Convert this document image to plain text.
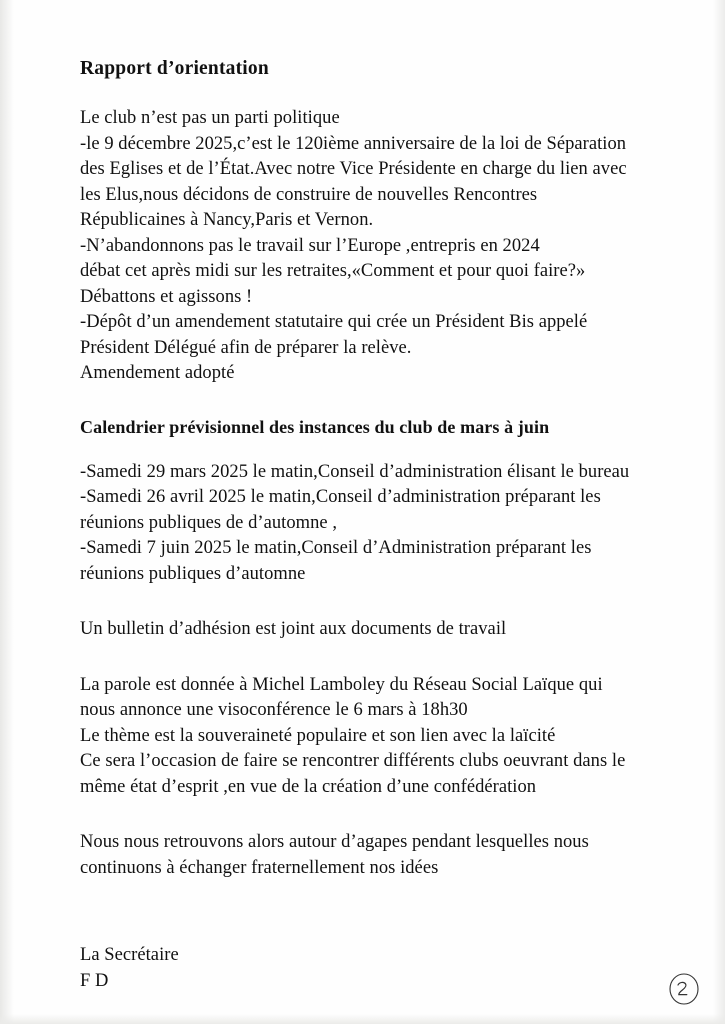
Rapport d’orientation

Le club n’est pas un parti politique

-le 9 décembre 2025,c’est le 120ième anniversaire de la loi de Séparation

des Eglises et de l’État.Avec notre Vice Présidente en charge du lien avec

les Elus,nous décidons de construire de nouvelles Rencontres

Républicaines à Nancy,Paris et Vernon.

-N’abandonnons pas le travail sur l’Europe ,entrepris en 2024

débat cet après midi sur les retraites,«Comment et pour quoi faire?»

Débattons et agissons !

-Dépôt d’un amendement statutaire qui crée un Président Bis appelé

Président Délégué afin de préparer la relève.

Amendement adopté

Calendrier prévisionnel des instances du club de mars à juin

-Samedi 29 mars 2025 le matin,Conseil d’administration élisant le bureau

-Samedi 26 avril 2025 le matin,Conseil d’administration préparant les

réunions publiques de d’automne ,

-Samedi 7 juin 2025 le matin,Conseil d’Administration préparant les

réunions publiques d’automne

Un bulletin d’adhésion est joint aux documents de travail

La parole est donnée à Michel Lamboley du Réseau Social Laïque qui

nous annonce une visoconférence le 6 mars à 18h30

Le thème est la souveraineté populaire et son lien avec la laïcité

Ce sera l’occasion de faire se rencontrer différents clubs oeuvrant dans le

même état d’esprit ,en vue de la création d’une confédération

Nous nous retrouvons alors autour d’agapes pendant lesquelles nous

continuons à échanger fraternellement nos idées

La Secrétaire

F D
